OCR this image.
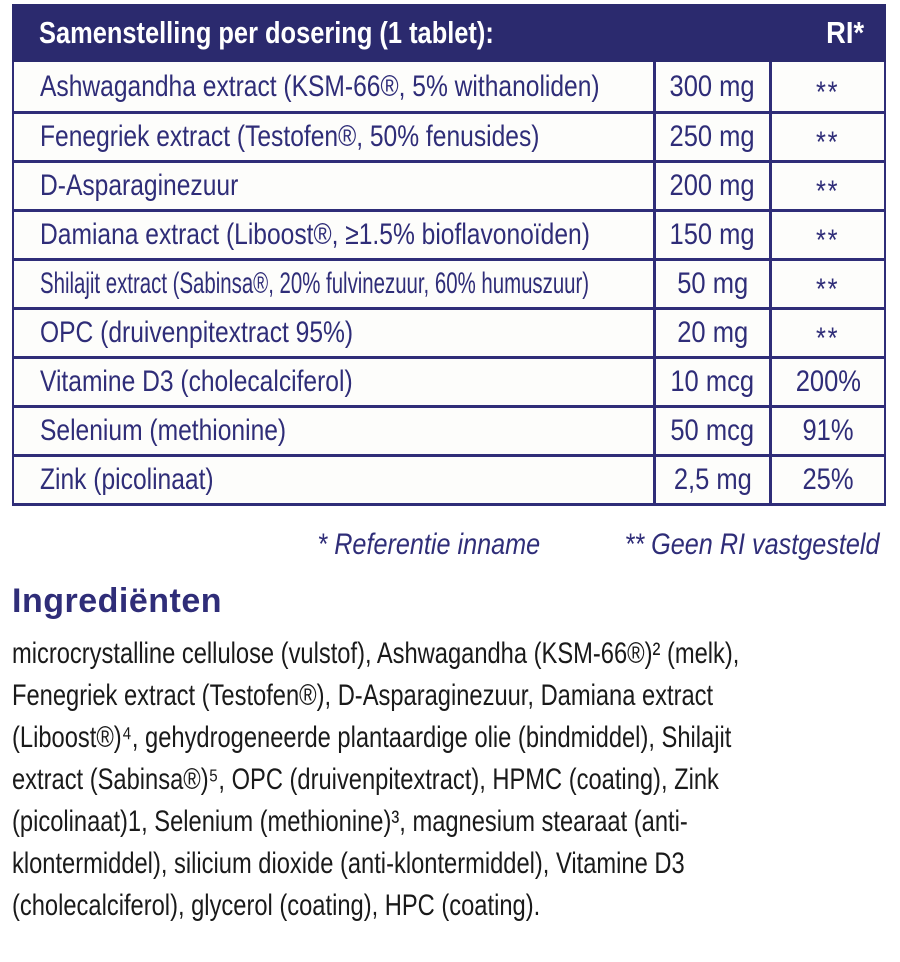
Samenstelling per dosering (1 tablet):	RI*
Ashwagandha extract (KSM-66®, 5% withanoliden) 300 mg **
Fenegriek extract (Testofen®, 50% fenusides)	250 mg **
D-Asparaginezuur	200 mg **
Damiana extract (Liboost®, ≥1.5% bioflavonoïden)	150 mg **
Shilajit extract (Sabinsa®, 20% fulvinezuur, 60% humuszuur)	50 mg **
OPC (druivenpitextract 95%)	20 mg **
Vitamine D3 (cholecalciferol)	10 mcg 200%
Selenium (methionine)	50 mcg 91%
Zink (picolinaat)	2,5 mg 25%
* Referentie inname	** Geen RI vastgesteld
Ingrediënten
microcrystalline cellulose (vulstof), Ashwagandha (KSM-66®)² (melk),
Fenegriek extract (Testofen®), D-Asparaginezuur, Damiana extract
(Liboost®)⁴, gehydrogeneerde plantaardige olie (bindmiddel), Shilajit
extract (Sabinsa®)⁵, OPC (druivenpitextract), HPMC (coating), Zink
(picolinaat)1, Selenium (methionine)³, magnesium stearaat (anti-
klontermiddel), silicium dioxide (anti-klontermiddel), Vitamine D3
(cholecalciferol), glycerol (coating), HPC (coating).
